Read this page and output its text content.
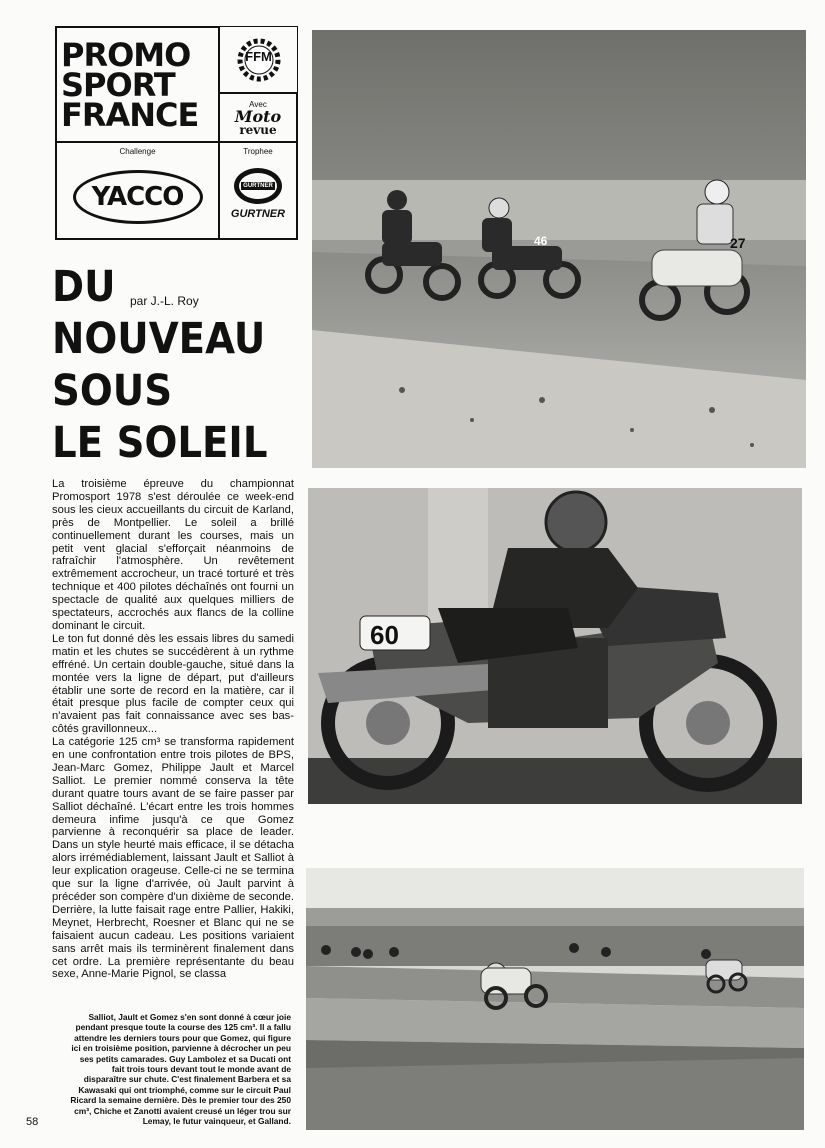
PROMO
SPORT
FRANCE
FFM
Avec
Moto
revue
Challenge
YACCO
Trophee
GURTNER
GURTNER
DU par J.-L. Roy
NOUVEAU
SOUS
LE SOLEIL

La troisième épreuve du championnat Promosport 1978 s'est déroulée ce week-end sous les cieux accueillants du circuit de Karland, près de Montpellier. Le soleil a brillé continuellement durant les courses, mais un petit vent glacial s'efforçait néanmoins de rafraîchir l'atmosphère. Un revêtement extrêmement accrocheur, un tracé torturé et très technique et 400 pilotes déchaînés ont fourni un spectacle de qualité aux quelques milliers de spectateurs, accrochés aux flancs de la colline dominant le circuit.

Le ton fut donné dès les essais libres du samedi matin et les chutes se succédèrent à un rythme effréné. Un certain double-gauche, situé dans la montée vers la ligne de départ, put d'ailleurs établir une sorte de record en la matière, car il était presque plus facile de compter ceux qui n'avaient pas fait connaissance avec ses bas-côtés gravillonneux...

La catégorie 125 cm³ se transforma rapidement en une confrontation entre trois pilotes de BPS, Jean-Marc Gomez, Philippe Jault et Marcel Salliot. Le premier nommé conserva la tête durant quatre tours avant de se faire passer par Salliot déchaîné. L'écart entre les trois hommes demeura infime jusqu'à ce que Gomez parvienne à reconquérir sa place de leader. Dans un style heurté mais efficace, il se détacha alors irrémédiablement, laissant Jault et Salliot à leur explication orageuse. Celle-ci ne se termina que sur la ligne d'arrivée, où Jault parvint à précéder son compère d'un dixième de seconde. Derrière, la lutte faisait rage entre Pallier, Hakiki, Meynet, Herbrecht, Roesner et Blanc qui ne se faisaient aucun cadeau. Les positions variaient sans arrêt mais ils terminèrent finalement dans cet ordre. La première représentante du beau sexe, Anne-Marie Pignol, se classa

Salliot, Jault et Gomez s'en sont donné à cœur joie pendant presque toute la course des 125 cm³. Il a fallu attendre les derniers tours pour que Gomez, qui figure ici en troisième position, parvienne à décrocher un peu ses petits camarades. Guy Lambolez et sa Ducati ont fait trois tours devant tout le monde avant de disparaître sur chute. C'est finalement Barbera et sa Kawasaki qui ont triomphé, comme sur le circuit Paul Ricard la semaine dernière. Dès le premier tour des 250 cm³, Chiche et Zanotti avaient creusé un léger trou sur Lemay, le futur vainqueur, et Galland.
58
46	27
60
